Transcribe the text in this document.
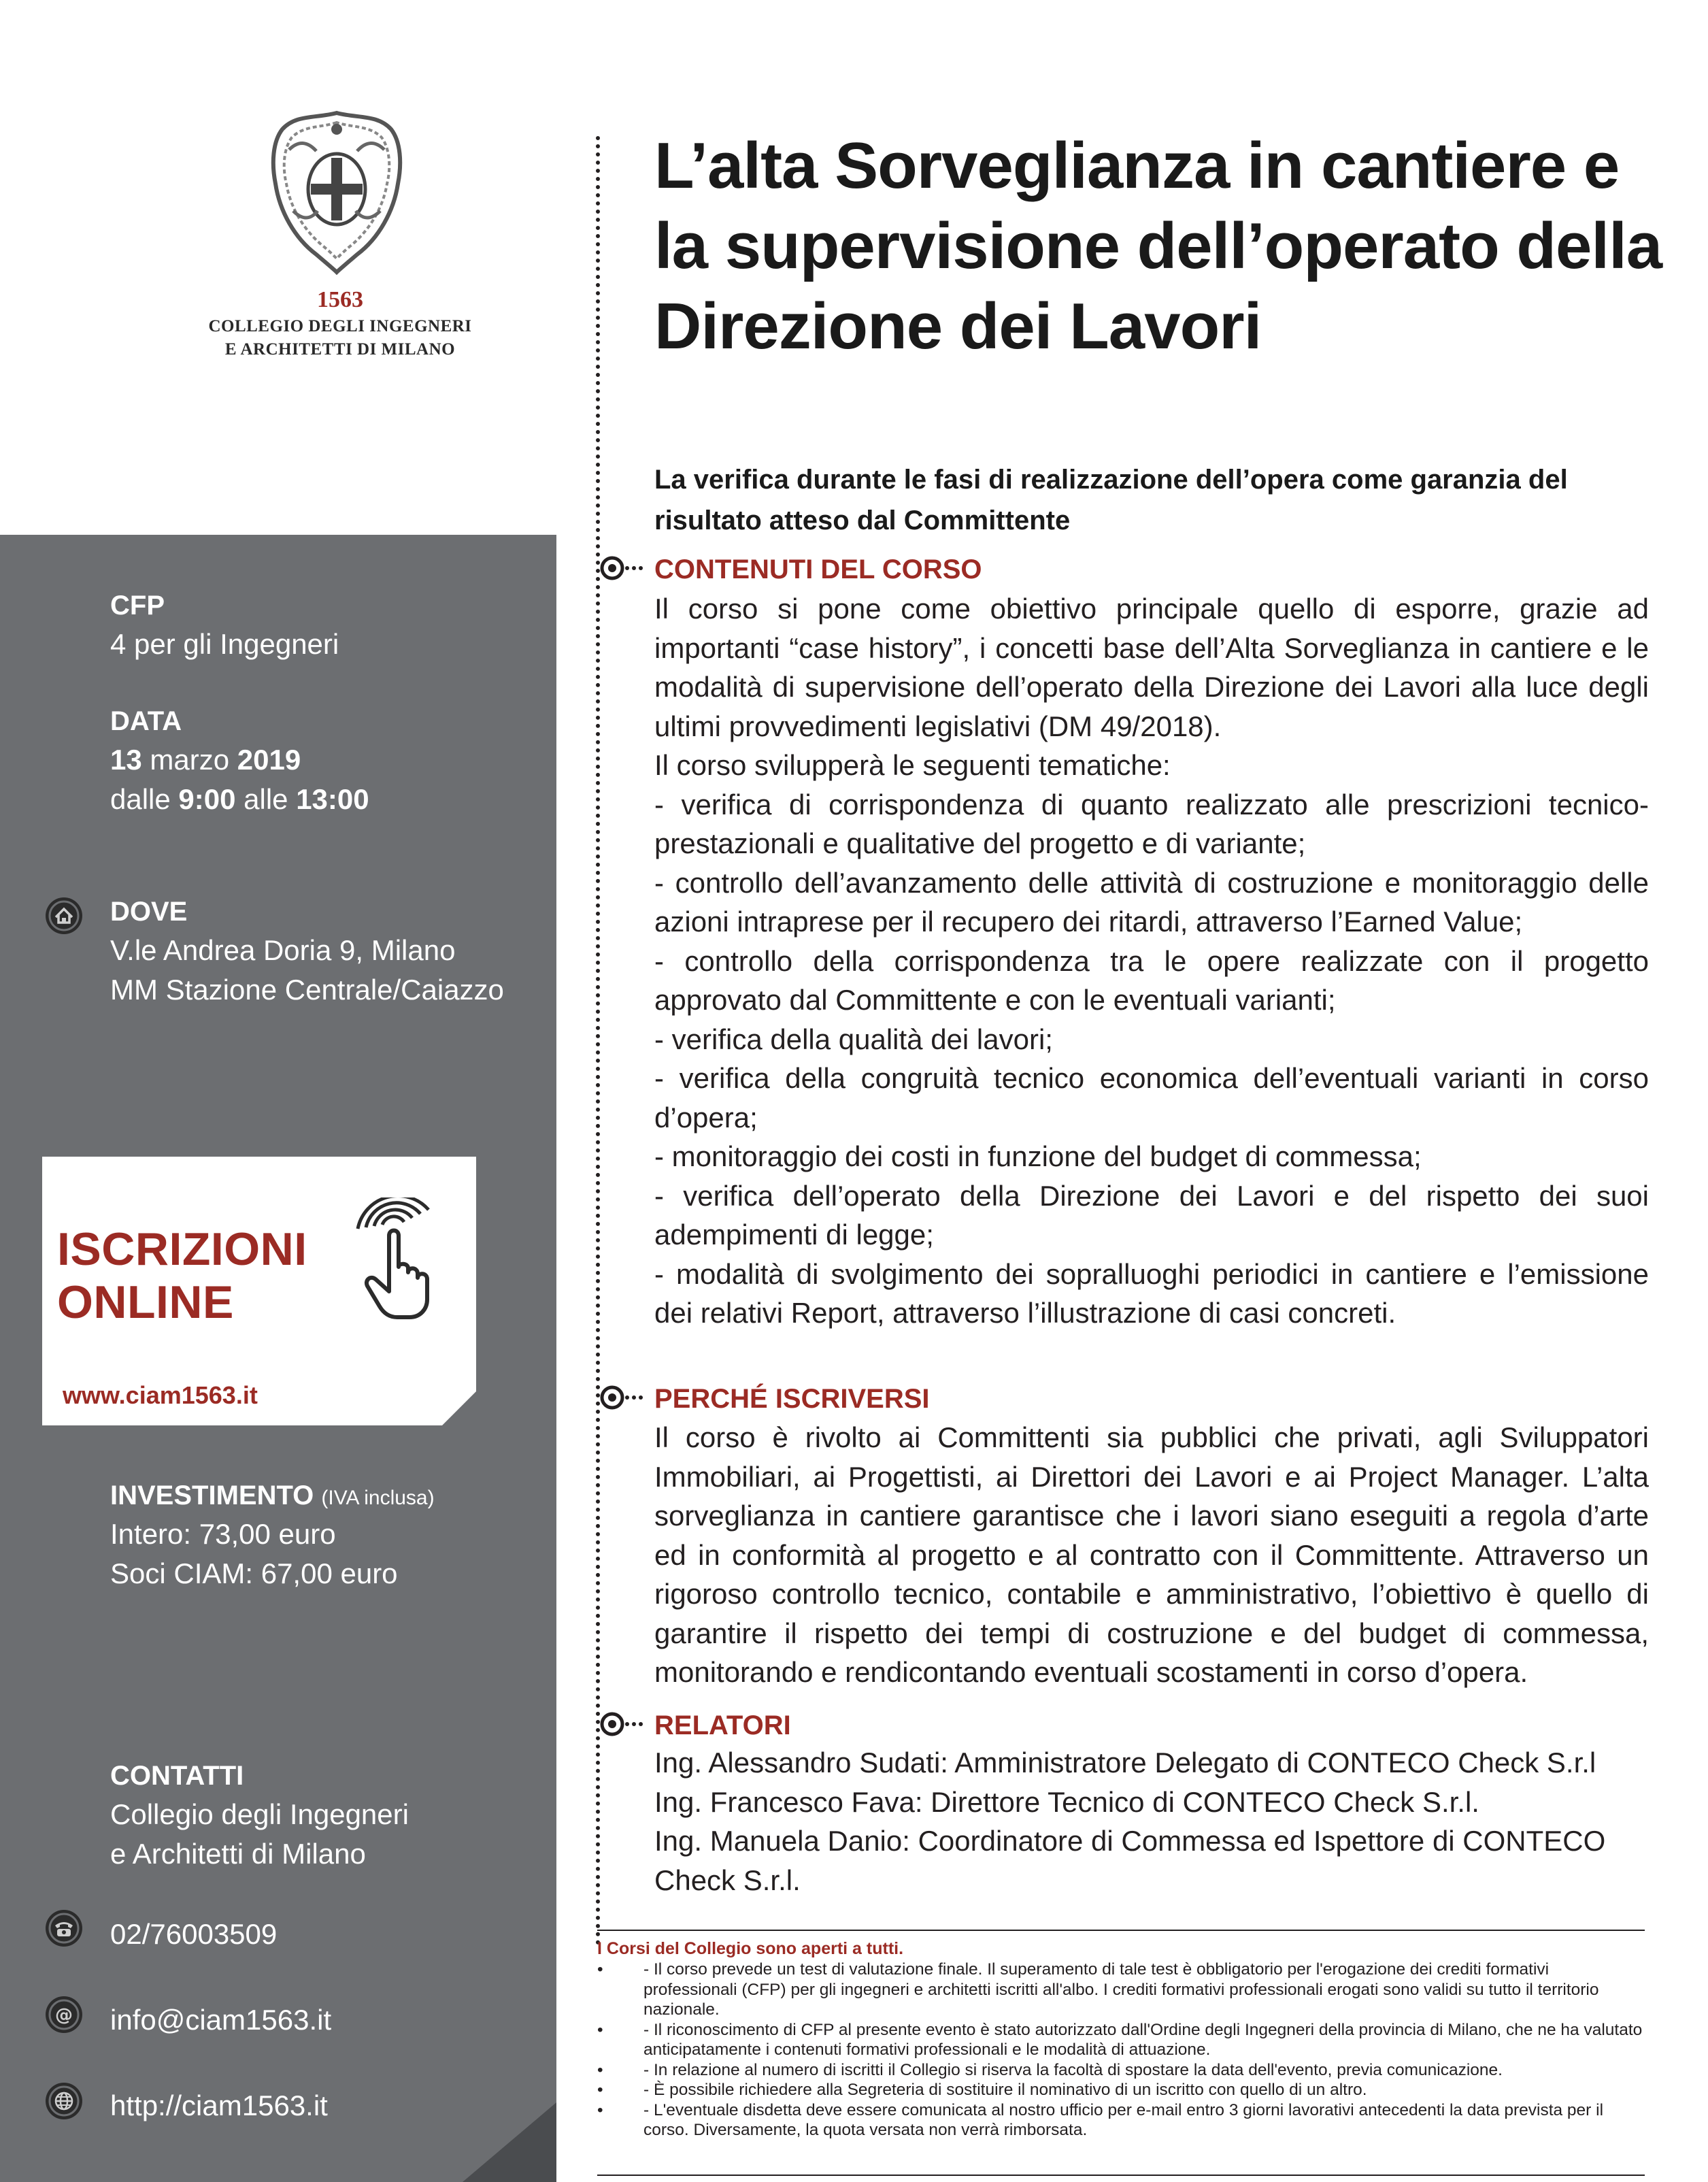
1563
COLLEGIO DEGLI INGEGNERI
E ARCHITETTI DI MILANO
CFP
4 per gli Ingegneri
DATA
13 marzo 2019
dalle 9:00 alle 13:00
DOVE
V.le Andrea Doria 9, Milano
MM Stazione Centrale/Caiazzo
ISCRIZIONI
ONLINE
www.ciam1563.it
INVESTIMENTO (IVA inclusa)
Intero: 73,00 euro
Soci CIAM: 67,00 euro
CONTATTI
Collegio degli Ingegneri
e Architetti di Milano
02/76003509
@ info@ciam1563.it
http://ciam1563.it
L’alta Sorveglianza in cantiere e la supervisione dell’operato della Direzione dei Lavori
La verifica durante le fasi di realizzazione dell’opera come garanzia del risultato atteso dal Committente
CONTENUTI DEL CORSO

Il corso si pone come obiettivo principale quello di esporre, grazie ad importanti “case history”, i concetti base dell’Alta Sorveglianza in cantiere e le modalità di supervisione dell’operato della Direzione dei Lavori alla luce degli ultimi provvedimenti legislativi (DM 49/2018).

Il corso svilupperà le seguenti tematiche:

- verifica di corrispondenza di quanto realizzato alle prescrizioni tecnico-prestazionali e qualitative del progetto e di variante;

- controllo dell’avanzamento delle attività di costruzione e monitoraggio delle azioni intraprese per il recupero dei ritardi, attraverso l’Earned Value;

- controllo della corrispondenza tra le opere realizzate con il progetto approvato dal Committente e con le eventuali varianti;

- verifica della qualità dei lavori;

- verifica della congruità tecnico economica dell’eventuali varianti in corso d’opera;

- monitoraggio dei costi in funzione del budget di commessa;

- verifica dell’operato della Direzione dei Lavori e del rispetto dei suoi adempimenti di legge;

- modalità di svolgimento dei sopralluoghi periodici in cantiere e l’emissione dei relativi Report, attraverso l’illustrazione di casi concreti.

PERCHÉ ISCRIVERSI

Il corso è rivolto ai Committenti sia pubblici che privati, agli Sviluppatori Immobiliari, ai Progettisti, ai Direttori dei Lavori e ai Project Manager. L’alta sorveglianza in cantiere garantisce che i lavori siano eseguiti a regola d’arte ed in conformità al progetto e al contratto con il Committente. Attraverso un rigoroso controllo tecnico, contabile e amministrativo, l’obiettivo è quello di garantire il rispetto dei tempi di costruzione e del budget di commessa, monitorando e rendicontando eventuali scostamenti in corso d’opera.

RELATORI

Ing. Alessandro Sudati: Amministratore Delegato di CONTECO Check S.r.l

Ing. Francesco Fava: Direttore Tecnico di CONTECO Check S.r.l.

Ing. Manuela Danio: Coordinatore di Commessa ed Ispettore di CONTECO Check S.r.l.

I Corsi del Collegio sono aperti a tutti.
• - Il corso prevede un test di valutazione finale. Il superamento di tale test è obbligatorio per l'erogazione dei crediti formativi professionali (CFP) per gli ingegneri e architetti iscritti all'albo. I crediti formativi professionali erogati sono validi su tutto il territorio nazionale.
• - Il riconoscimento di CFP al presente evento è stato autorizzato dall'Ordine degli Ingegneri della provincia di Milano, che ne ha valutato anticipatamente i contenuti formativi professionali e le modalità di attuazione.
• - In relazione al numero di iscritti il Collegio si riserva la facoltà di spostare la data dell'evento, previa comunicazione.
• - È possibile richiedere alla Segreteria di sostituire il nominativo di un iscritto con quello di un altro.
• - L'eventuale disdetta deve essere comunicata al nostro ufficio per e-mail entro 3 giorni lavorativi antecedenti la data prevista per il corso. Diversamente, la quota versata non verrà rimborsata.
